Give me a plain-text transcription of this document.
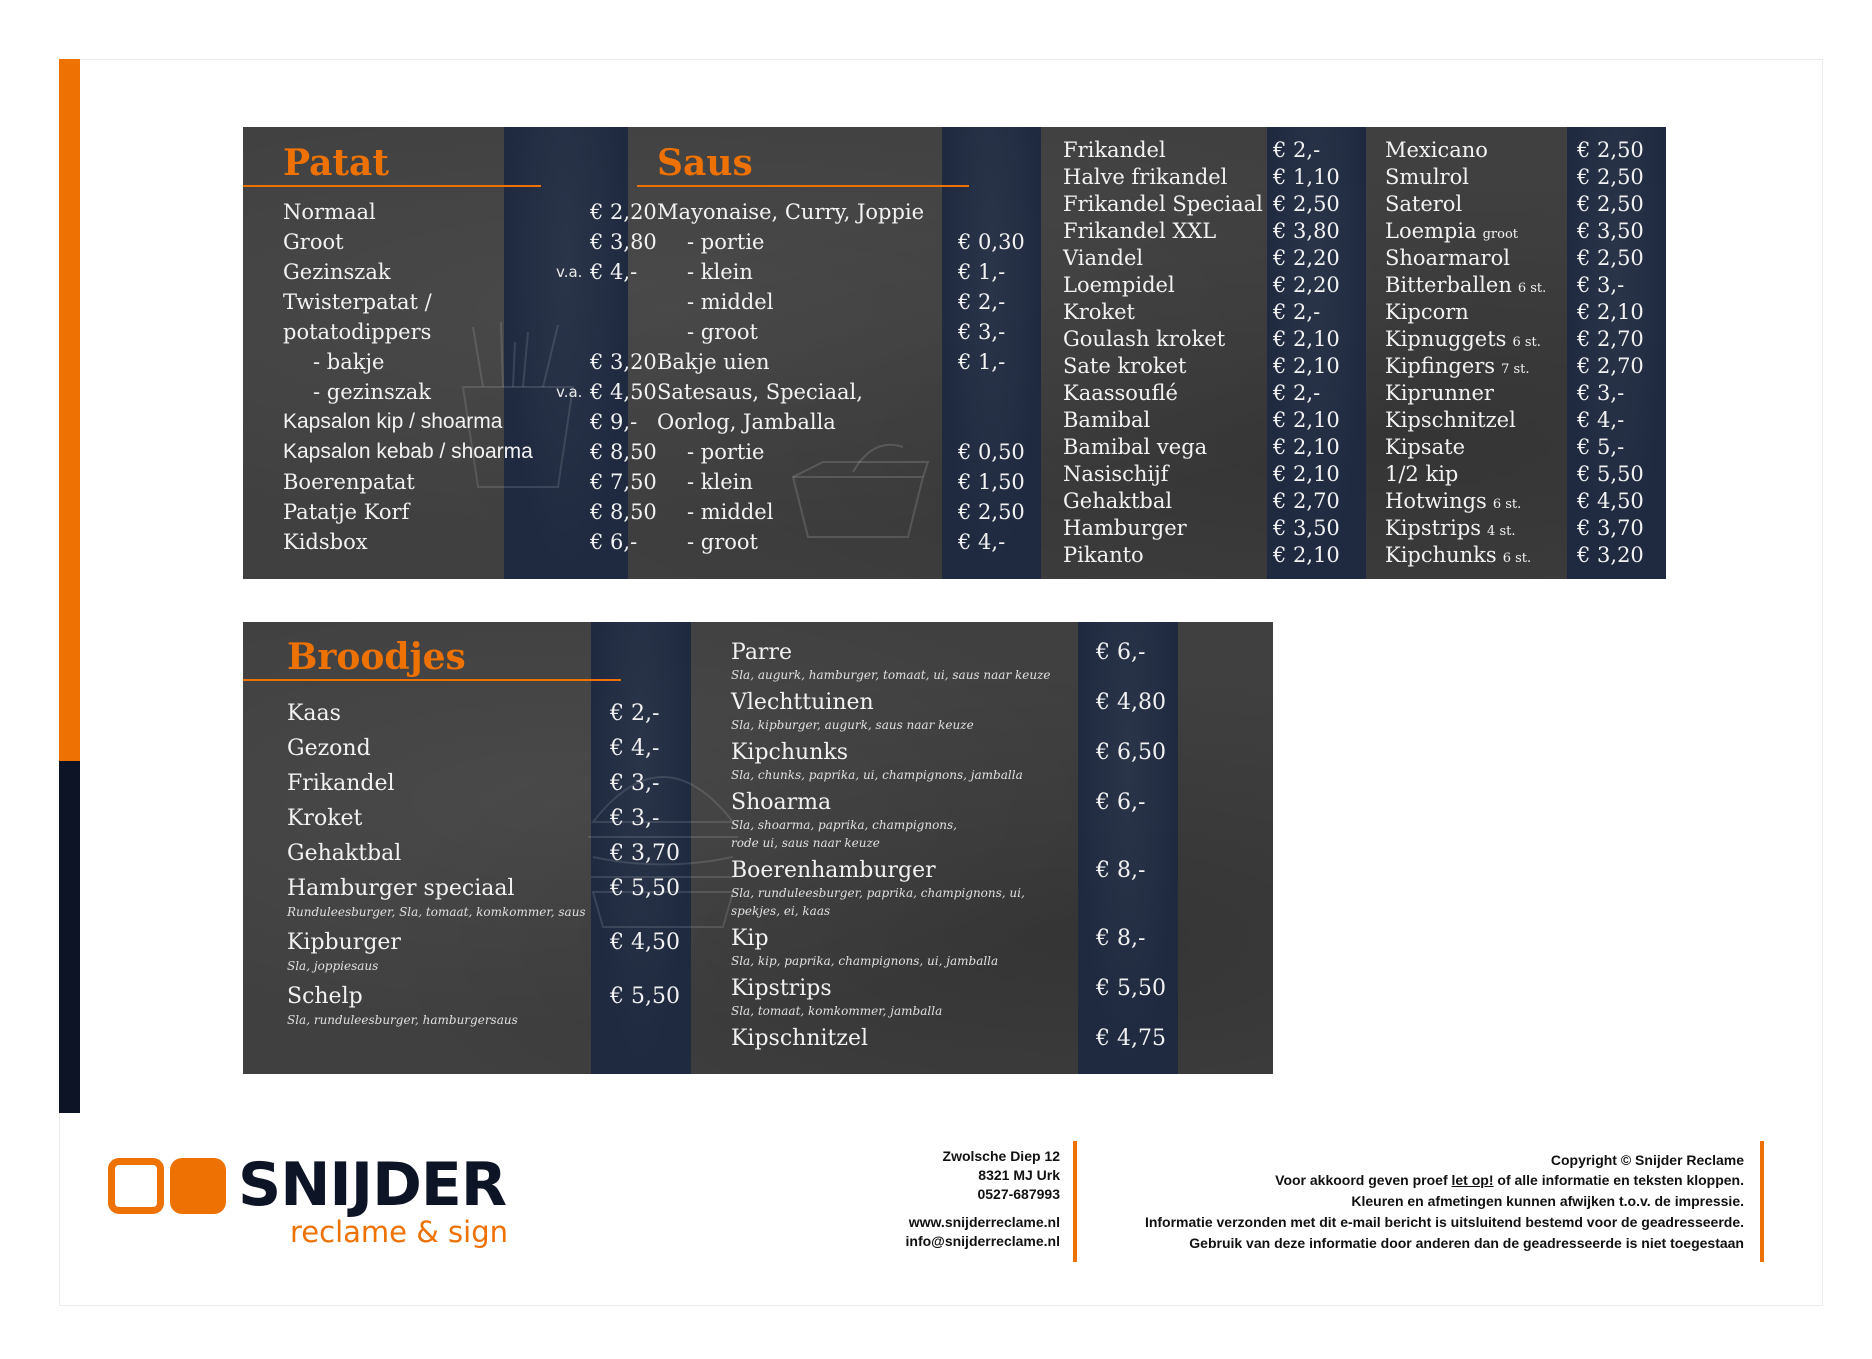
Patat
Normaal	€ 2,20
Groot	€ 3,80
Gezinszak	v.a. € 4,-
Twisterpatat /
potatodippers
- bakje	€ 3,20
- gezinszak	v.a. € 4,50
Kapsalon kip / shoarma	€ 9,-
Kapsalon kebab / shoarma	€ 8,50
Boerenpatat	€ 7,50
Patatje Korf	€ 8,50
Kidsbox	€ 6,-
Saus
Mayonaise, Curry, Joppie
- portie	€ 0,30
- klein	€ 1,-
- middel	€ 2,-
- groot	€ 3,-
Bakje uien	€ 1,-
Satesaus, Speciaal,
Oorlog, Jamballa
- portie	€ 0,50
- klein	€ 1,50
- middel	€ 2,50
- groot	€ 4,-
Frikandel	€ 2,-
Halve frikandel € 1,10
Frikandel Speciaal € 2,50
Frikandel XXL	€ 3,80
Viandel	€ 2,20
Loempidel	€ 2,20
Kroket	€ 2,-
Goulash kroket € 2,10
Sate kroket	€ 2,10
Kaassouflé	€ 2,-
Bamibal	€ 2,10
Bamibal vega	€ 2,10
Nasischijf	€ 2,10
Gehaktbal	€ 2,70
Hamburger	€ 3,50
Pikanto	€ 2,10
Mexicano	€ 2,50
Smulrol	€ 2,50
Saterol	€ 2,50
Loempia groot	€ 3,50
Shoarmarol	€ 2,50
Bitterballen 6 st. € 3,-
Kipcorn	€ 2,10
Kipnuggets 6 st. € 2,70
Kipfingers 7 st. € 2,70
Kiprunner	€ 3,-
Kipschnitzel	€ 4,-
Kipsate	€ 5,-
1/2 kip	€ 5,50
Hotwings 6 st.	€ 4,50
Kipstrips 4 st.	€ 3,70
Kipchunks 6 st. € 3,20
Broodjes
Kaas	€ 2,-
Gezond	€ 4,-
Frikandel	€ 3,-
Kroket	€ 3,-
Gehaktbal	€ 3,70
Hamburger speciaal	€ 5,50
Runduleesburger, Sla, tomaat, komkommer, saus
Kipburger	€ 4,50
Sla, joppiesaus
Schelp	€ 5,50
Sla, runduleesburger, hamburgersaus
Parre	€ 6,-
Sla, augurk, hamburger, tomaat, ui, saus naar keuze
Vlechttuinen	€ 4,80
Sla, kipburger, augurk, saus naar keuze
Kipchunks	€ 6,50
Sla, chunks, paprika, ui, champignons, jamballa
Shoarma	€ 6,-
Sla, shoarma, paprika, champignons,
rode ui, saus naar keuze
Boerenhamburger	€ 8,-
Sla, runduleesburger, paprika, champignons, ui,
spekjes, ei, kaas
Kip	€ 8,-
Sla, kip, paprika, champignons, ui, jamballa
Kipstrips	€ 5,50
Sla, tomaat, komkommer, jamballa
Kipschnitzel	€ 4,75
SNIJDER
reclame & sign
Zwolsche Diep 12
8321 MJ Urk
0527-687993
www.snijderreclame.nl
info@snijderreclame.nl
Copyright © Snijder Reclame
Voor akkoord geven proef let op! of alle informatie en teksten kloppen.
Kleuren en afmetingen kunnen afwijken t.o.v. de impressie.
Informatie verzonden met dit e-mail bericht is uitsluitend bestemd voor de geadresseerde.
Gebruik van deze informatie door anderen dan de geadresseerde is niet toegestaan
